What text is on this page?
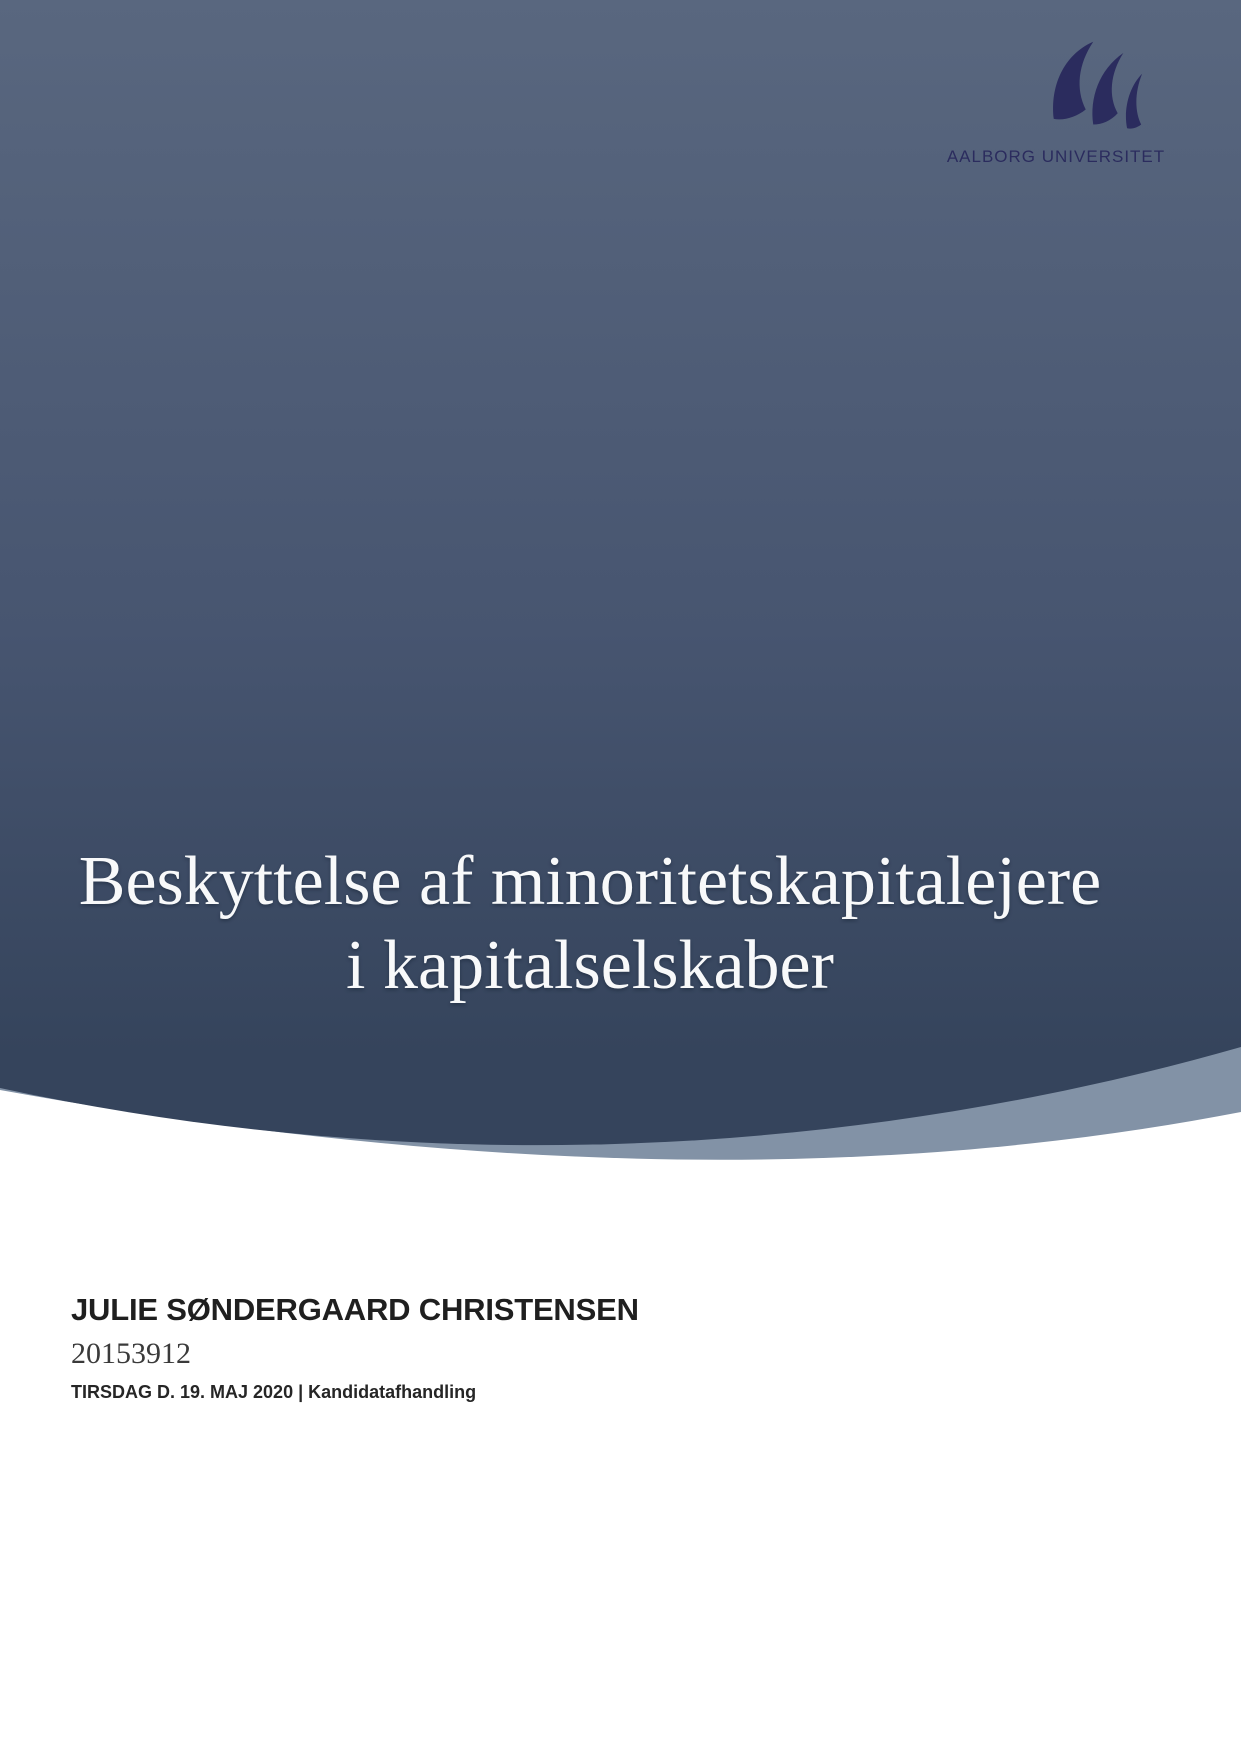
AALBORG UNIVERSITET
Beskyttelse af minoritetskapitalejere
i kapitalselskaber
JULIE SØNDERGAARD CHRISTENSEN
20153912
TIRSDAG D. 19. MAJ 2020 | Kandidatafhandling
